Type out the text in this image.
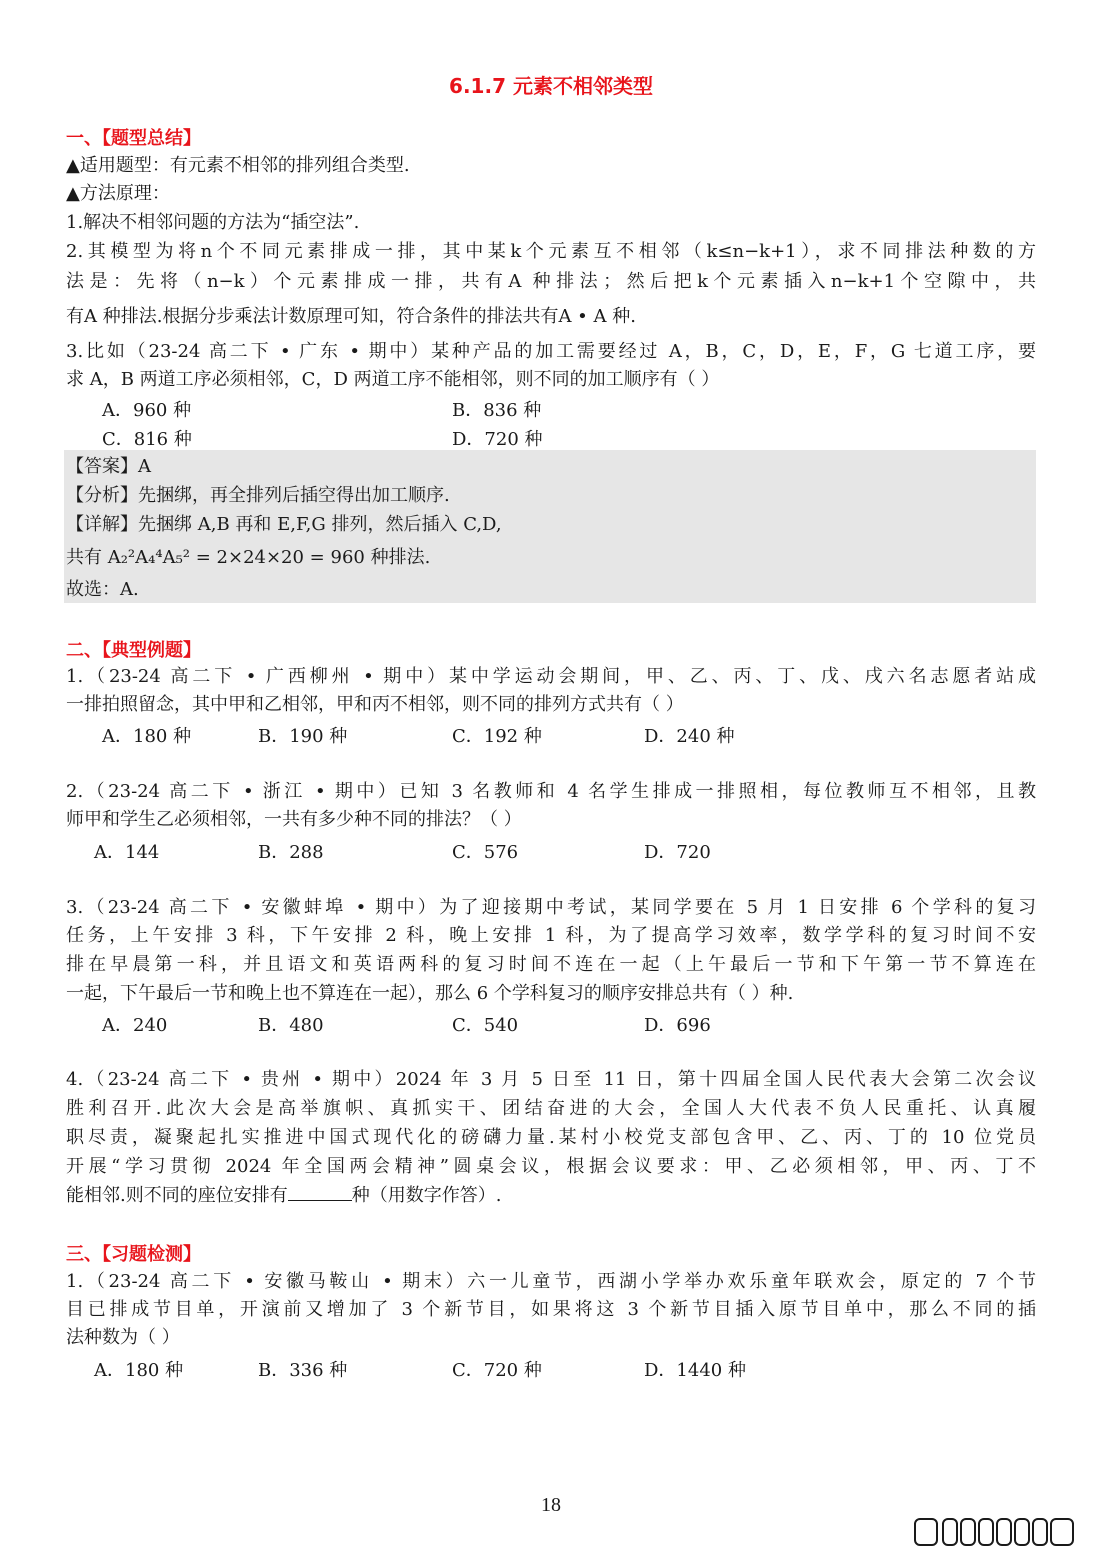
6.1.7 元素不相邻类型
一、【题型总结】
▲适用题型：有元素不相邻的排列组合类型.
▲方法原理：
1.解决不相邻问题的方法为“插空法”.
2.其模型为将n个不同元素排成一排，其中某k个元素互不相邻（k≤n−k+1），求不同排法种数的方
法是：先将（n−k）个元素排成一排，共有A 种排法；然后把k个元素插入n−k+1个空隙中，共
有A 种排法.根据分步乘法计数原理可知，符合条件的排法共有A • A 种.
3.比如（23-24 高二下 • 广东 • 期中）某种产品的加工需要经过 A，B，C，D，E，F，G 七道工序，要
求 A，B 两道工序必须相邻，C，D 两道工序不能相邻，则不同的加工顺序有（ ）
A．960 种	B．836 种
C．816 种	D．720 种
【答案】A
【分析】先捆绑，再全排列后插空得出加工顺序.
【详解】先捆绑 A,B 再和 E,F,G 排列，然后插入 C,D,
共有 A₂²A₄⁴A₅² = 2×24×20 = 960 种排法.
故选：A.
二、【典型例题】
1.（23-24 高二下 • 广西柳州 • 期中）某中学运动会期间，甲、乙、丙、丁、戊、戌六名志愿者站成
一排拍照留念，其中甲和乙相邻，甲和丙不相邻，则不同的排列方式共有（ ）
A．180 种	B．190 种	C．192 种	D．240 种
2.（23-24 高二下 • 浙江 • 期中）已知 3 名教师和 4 名学生排成一排照相，每位教师互不相邻，且教
师甲和学生乙必须相邻，一共有多少种不同的排法？（ ）
A．144	B．288	C．576	D．720
3.（23-24 高二下 • 安徽蚌埠 • 期中）为了迎接期中考试，某同学要在 5 月 1 日安排 6 个学科的复习
任务，上午安排 3 科，下午安排 2 科，晚上安排 1 科，为了提高学习效率，数学学科的复习时间不安
排在早晨第一科，并且语文和英语两科的复习时间不连在一起（上午最后一节和下午第一节不算连在
一起，下午最后一节和晚上也不算连在一起），那么 6 个学科复习的顺序安排总共有（ ）种.
A．240	B．480	C．540	D．696
4.（23-24 高二下 • 贵州 • 期中）2024 年 3 月 5 日至 11 日，第十四届全国人民代表大会第二次会议
胜利召开.此次大会是高举旗帜、真抓实干、团结奋进的大会，全国人大代表不负人民重托、认真履
职尽责，凝聚起扎实推进中国式现代化的磅礴力量.某村小校党支部包含甲、乙、丙、丁的 10 位党员
开展“学习贯彻 2024 年全国两会精神”圆桌会议，根据会议要求：甲、乙必须相邻，甲、丙、丁不
能相邻.则不同的座位安排有	种（用数字作答）.
三、【习题检测】
1.（23-24 高二下 • 安徽马鞍山 • 期末）六一儿童节，西湖小学举办欢乐童年联欢会，原定的 7 个节
目已排成节目单，开演前又增加了 3 个新节目，如果将这 3 个新节目插入原节目单中，那么不同的插
法种数为（ ）
A．180 种	B．336 种	C．720 种	D．1440 种
18
